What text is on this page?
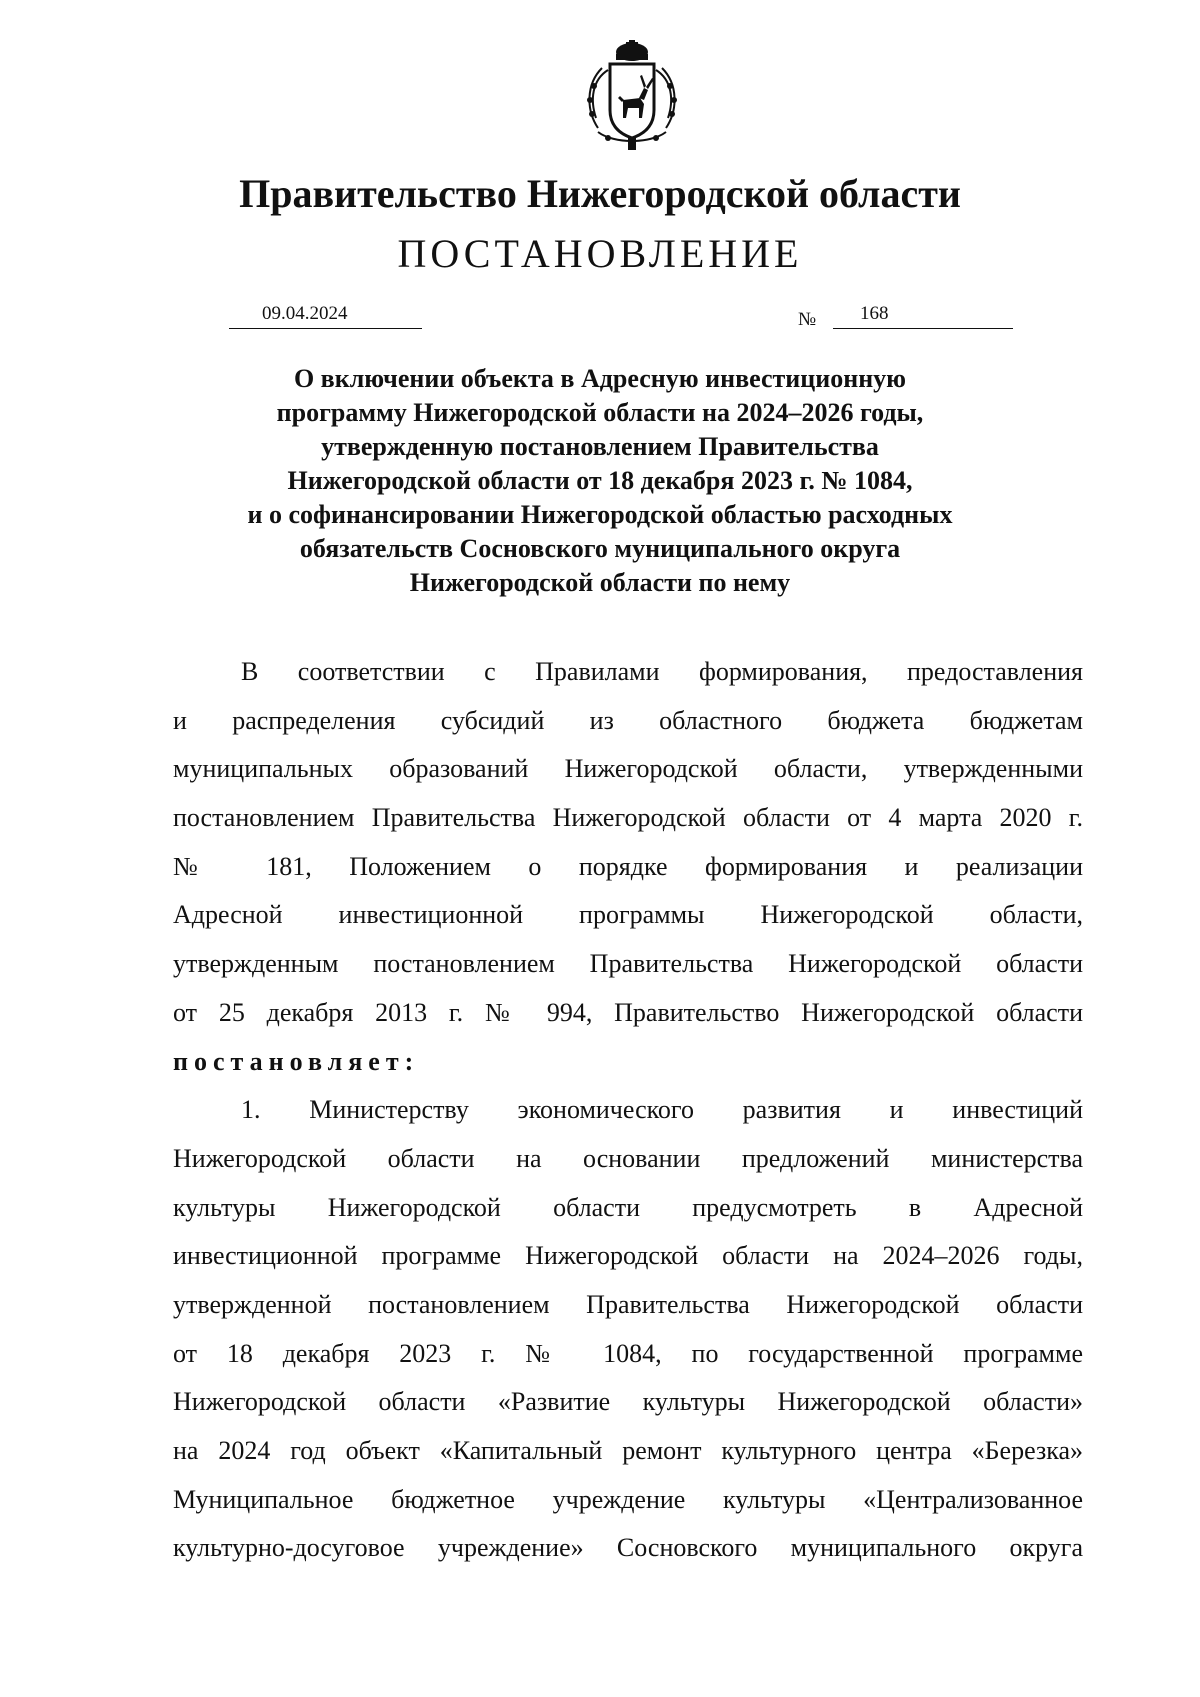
Правительство Нижегородской области
ПОСТАНОВЛЕНИЕ
09.04.2024	№ 168
О включении объекта в Адресную инвестиционную
программу Нижегородской области на 2024–2026 годы,
утвержденную постановлением Правительства
Нижегородской области от 18 декабря 2023 г. № 1084,
и о софинансировании Нижегородской областью расходных
обязательств Сосновского муниципального округа
Нижегородской области по нему
В соответствии с Правилами формирования, предоставления
и распределения субсидий из областного бюджета бюджетам
муниципальных образований Нижегородской области, утвержденными
постановлением Правительства Нижегородской области от 4 марта 2020 г.
№ 181, Положением о порядке формирования и реализации
Адресной инвестиционной программы Нижегородской области,
утвержденным постановлением Правительства Нижегородской области
от 25 декабря 2013 г. № 994, Правительство Нижегородской области
постановляет:
1. Министерству экономического развития и инвестиций
Нижегородской области на основании предложений министерства
культуры Нижегородской области предусмотреть в Адресной
инвестиционной программе Нижегородской области на 2024–2026 годы,
утвержденной постановлением Правительства Нижегородской области
от 18 декабря 2023 г. № 1084, по государственной программе
Нижегородской области «Развитие культуры Нижегородской области»
на 2024 год объект «Капитальный ремонт культурного центра «Березка»
Муниципальное бюджетное учреждение культуры «Централизованное
культурно-досуговое учреждение» Сосновского муниципального округа
